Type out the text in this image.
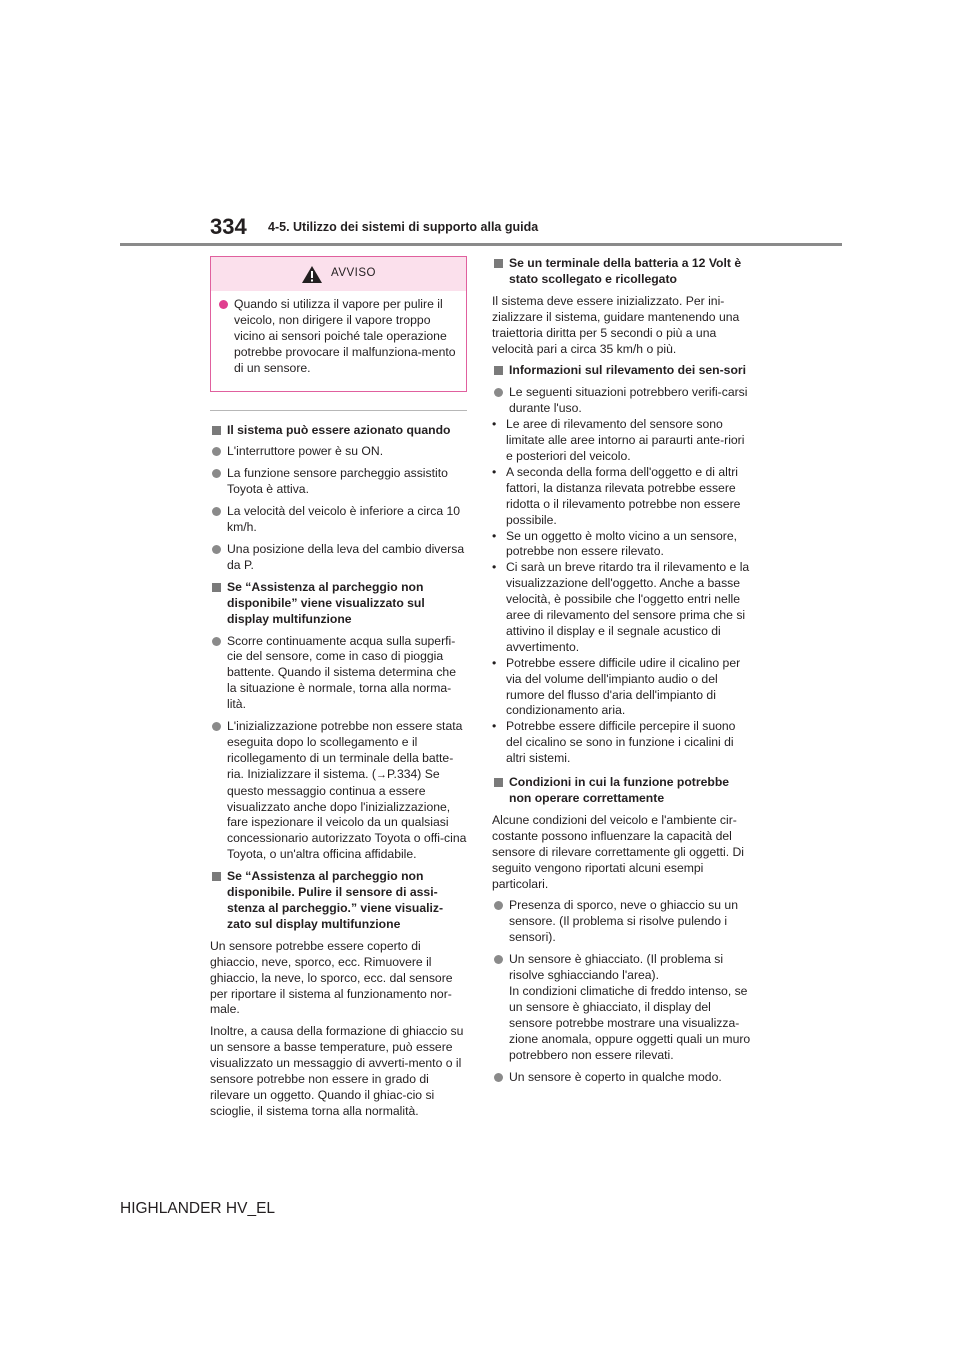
334 4-5. Utilizzo dei sistemi di supporto alla guida
AVVISO
Quando si utilizza il vapore per pulire il veicolo, non dirigere il vapore troppo vicino ai sensori poiché tale operazione potrebbe provocare il malfunziona-mento di un sensore.
Il sistema può essere azionato quando
L'interruttore power è su ON.
La funzione sensore parcheggio assistito Toyota è attiva.
La velocità del veicolo è inferiore a circa 10 km/h.
Una posizione della leva del cambio diversa da P.
Se “Assistenza al parcheggio non disponibile” viene visualizzato sul display multifunzione
Scorre continuamente acqua sulla superfi-cie del sensore, come in caso di pioggia battente. Quando il sistema determina che la situazione è normale, torna alla norma-lità.
L'inizializzazione potrebbe non essere stata eseguita dopo lo scollegamento e il ricollegamento di un terminale della batte-ria. Inizializzare il sistema. (→P.334) Se questo messaggio continua a essere visualizzato anche dopo l'inizializzazione, fare ispezionare il veicolo da un qualsiasi concessionario autorizzato Toyota o offi-cina Toyota, o un'altra officina affidabile.
Se “Assistenza al parcheggio non disponibile. Pulire il sensore di assi-stenza al parcheggio.” viene visualiz-zato sul display multifunzione
Un sensore potrebbe essere coperto di ghiaccio, neve, sporco, ecc. Rimuovere il ghiaccio, la neve, lo sporco, ecc. dal sensore per riportare il sistema al funzionamento nor-male.
Inoltre, a causa della formazione di ghiaccio su un sensore a basse temperature, può essere visualizzato un messaggio di avverti-mento o il sensore potrebbe non essere in grado di rilevare un oggetto. Quando il ghiac-cio si scioglie, il sistema torna alla normalità.
Se un terminale della batteria a 12 Volt è stato scollegato e ricollegato
Il sistema deve essere inizializzato. Per ini-zializzare il sistema, guidare mantenendo una traiettoria diritta per 5 secondi o più a una velocità pari a circa 35 km/h o più.
Informazioni sul rilevamento dei sen-sori
Le seguenti situazioni potrebbero verifi-carsi durante l'uso.
• Le aree di rilevamento del sensore sono limitate alle aree intorno ai paraurti ante-riori e posteriori del veicolo.
• A seconda della forma dell'oggetto e di altri fattori, la distanza rilevata potrebbe essere ridotta o il rilevamento potrebbe non essere possibile.
• Se un oggetto è molto vicino a un sensore, potrebbe non essere rilevato.
• Ci sarà un breve ritardo tra il rilevamento e la visualizzazione dell'oggetto. Anche a basse velocità, è possibile che l'oggetto entri nelle aree di rilevamento del sensore prima che si attivino il display e il segnale acustico di avvertimento.
• Potrebbe essere difficile udire il cicalino per via del volume dell'impianto audio o del rumore del flusso d'aria dell'impianto di condizionamento aria.
• Potrebbe essere difficile percepire il suono del cicalino se sono in funzione i cicalini di altri sistemi.
Condizioni in cui la funzione potrebbe non operare correttamente
Alcune condizioni del veicolo e l'ambiente cir-costante possono influenzare la capacità del sensore di rilevare correttamente gli oggetti. Di seguito vengono riportati alcuni esempi particolari.
Presenza di sporco, neve o ghiaccio su un sensore. (Il problema si risolve pulendo i sensori).
Un sensore è ghiacciato. (Il problema si risolve sghiacciando l'area).
In condizioni climatiche di freddo intenso, se un sensore è ghiacciato, il display del sensore potrebbe mostrare una visualizza-zione anomala, oppure oggetti quali un muro potrebbero non essere rilevati.
Un sensore è coperto in qualche modo.
HIGHLANDER HV_EL
